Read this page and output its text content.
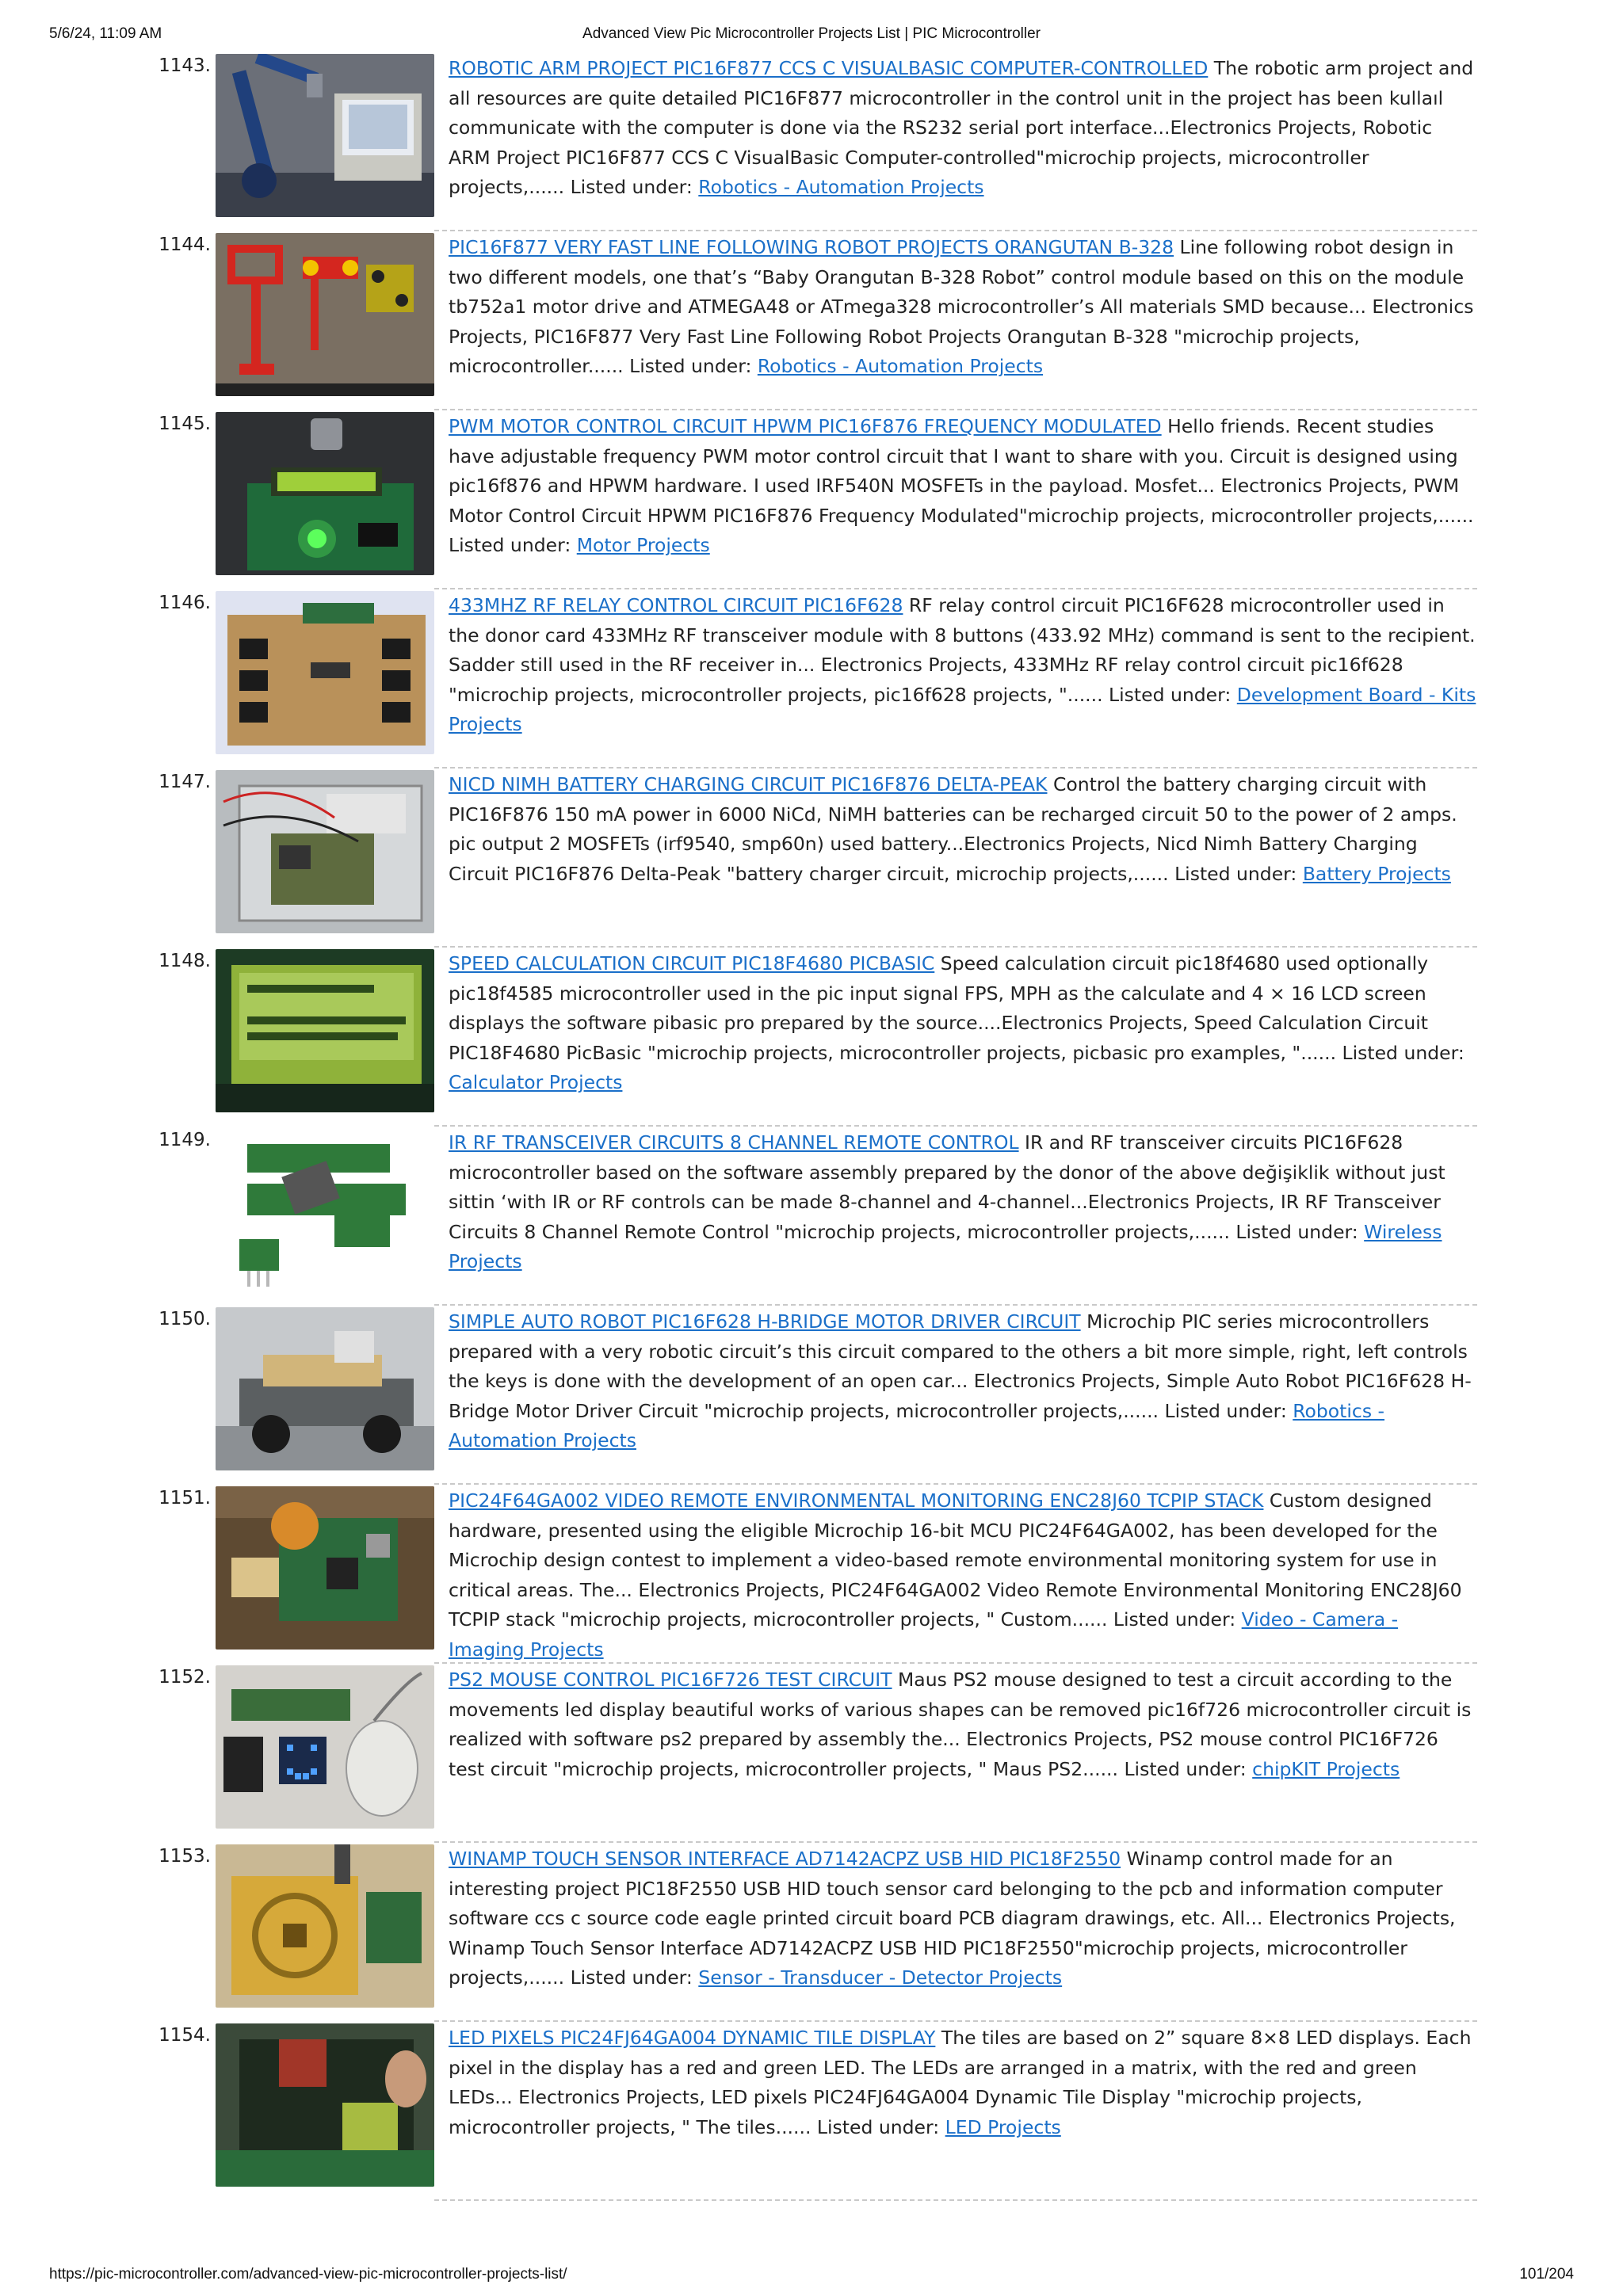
5/6/24, 11:09 AM	Advanced View Pic Microcontroller Projects List | PIC Microcontroller
1143.	ROBOTIC ARM PROJECT PIC16F877 CCS C VISUALBASIC COMPUTER-CONTROLLED The robotic arm project and all resources are quite detailed PIC16F877 microcontroller in the control unit in the project has been kullaıl communicate with the computer is done via the RS232 serial port interface...Electronics Projects, Robotic ARM Project PIC16F877 CCS C VisualBasic Computer-controlled"microchip projects, microcontroller projects,...... Listed under: Robotics - Automation Projects
1144.	PIC16F877 VERY FAST LINE FOLLOWING ROBOT PROJECTS ORANGUTAN B-328 Line following robot design in two different models, one that’s “Baby Orangutan B-328 Robot” control module based on this on the module tb752a1 motor drive and ATMEGA48 or ATmega328 microcontroller’s All materials SMD because... Electronics Projects, PIC16F877 Very Fast Line Following Robot Projects Orangutan B-328 "microchip projects, microcontroller...... Listed under: Robotics - Automation Projects
1145.	PWM MOTOR CONTROL CIRCUIT HPWM PIC16F876 FREQUENCY MODULATED Hello friends. Recent studies have adjustable frequency PWM motor control circuit that I want to share with you. Circuit is designed using pic16f876 and HPWM hardware. I used IRF540N MOSFETs in the payload. Mosfet... Electronics Projects, PWM Motor Control Circuit HPWM PIC16F876 Frequency Modulated"microchip projects, microcontroller projects,...... Listed under: Motor Projects
1146.	433MHZ RF RELAY CONTROL CIRCUIT PIC16F628 RF relay control circuit PIC16F628 microcontroller used in the donor card 433MHz RF transceiver module with 8 buttons (433.92 MHz) command is sent to the recipient. Sadder still used in the RF receiver in... Electronics Projects, 433MHz RF relay control circuit pic16f628 "microchip projects, microcontroller projects, pic16f628 projects, "...... Listed under: Development Board - Kits Projects
1147.	NICD NIMH BATTERY CHARGING CIRCUIT PIC16F876 DELTA-PEAK Control the battery charging circuit with PIC16F876 150 mA power in 6000 NiCd, NiMH batteries can be recharged circuit 50 to the power of 2 amps. pic output 2 MOSFETs (irf9540, smp60n) used battery...Electronics Projects, Nicd Nimh Battery Charging Circuit PIC16F876 Delta-Peak "battery charger circuit, microchip projects,...... Listed under: Battery Projects
1148.	SPEED CALCULATION CIRCUIT PIC18F4680 PICBASIC Speed calculation circuit pic18f4680 used optionally pic18f4585 microcontroller used in the pic input signal FPS, MPH as the calculate and 4 × 16 LCD screen displays the software pibasic pro prepared by the source....Electronics Projects, Speed Calculation Circuit PIC18F4680 PicBasic "microchip projects, microcontroller projects, picbasic pro examples, "...... Listed under: Calculator Projects
1149.	IR RF TRANSCEIVER CIRCUITS 8 CHANNEL REMOTE CONTROL IR and RF transceiver circuits PIC16F628 microcontroller based on the software assembly prepared by the donor of the above değişiklik without just sittin ‘with IR or RF controls can be made 8-channel and 4-channel...Electronics Projects, IR RF Transceiver Circuits 8 Channel Remote Control "microchip projects, microcontroller projects,...... Listed under: Wireless Projects
1150.	SIMPLE AUTO ROBOT PIC16F628 H-BRIDGE MOTOR DRIVER CIRCUIT Microchip PIC series microcontrollers prepared with a very robotic circuit’s this circuit compared to the others a bit more simple, right, left controls the keys is done with the development of an open car... Electronics Projects, Simple Auto Robot PIC16F628 H-Bridge Motor Driver Circuit "microchip projects, microcontroller projects,...... Listed under: Robotics - Automation Projects
1151.	PIC24F64GA002 VIDEO REMOTE ENVIRONMENTAL MONITORING ENC28J60 TCPIP STACK Custom designed hardware, presented using the eligible Microchip 16-bit MCU PIC24F64GA002, has been developed for the Microchip design contest to implement a video-based remote environmental monitoring system for use in critical areas. The... Electronics Projects, PIC24F64GA002 Video Remote Environmental Monitoring ENC28J60 TCPIP stack "microchip projects, microcontroller projects, " Custom...... Listed under: Video - Camera - Imaging Projects
1152.	PS2 MOUSE CONTROL PIC16F726 TEST CIRCUIT Maus PS2 mouse designed to test a circuit according to the movements led display beautiful works of various shapes can be removed pic16f726 microcontroller circuit is realized with software ps2 prepared by assembly the... Electronics Projects, PS2 mouse control PIC16F726 test circuit "microchip projects, microcontroller projects, " Maus PS2...... Listed under: chipKIT Projects
1153.	WINAMP TOUCH SENSOR INTERFACE AD7142ACPZ USB HID PIC18F2550 Winamp control made for an interesting project PIC18F2550 USB HID touch sensor card belonging to the pcb and information computer software ccs c source code eagle printed circuit board PCB diagram drawings, etc. All... Electronics Projects, Winamp Touch Sensor Interface AD7142ACPZ USB HID PIC18F2550"microchip projects, microcontroller projects,...... Listed under: Sensor - Transducer - Detector Projects
1154.	LED PIXELS PIC24FJ64GA004 DYNAMIC TILE DISPLAY The tiles are based on 2” square 8×8 LED displays. Each pixel in the display has a red and green LED. The LEDs are arranged in a matrix, with the red and green LEDs... Electronics Projects, LED pixels PIC24FJ64GA004 Dynamic Tile Display "microchip projects, microcontroller projects, " The tiles...... Listed under: LED Projects
https://pic-microcontroller.com/advanced-view-pic-microcontroller-projects-list/	101/204
